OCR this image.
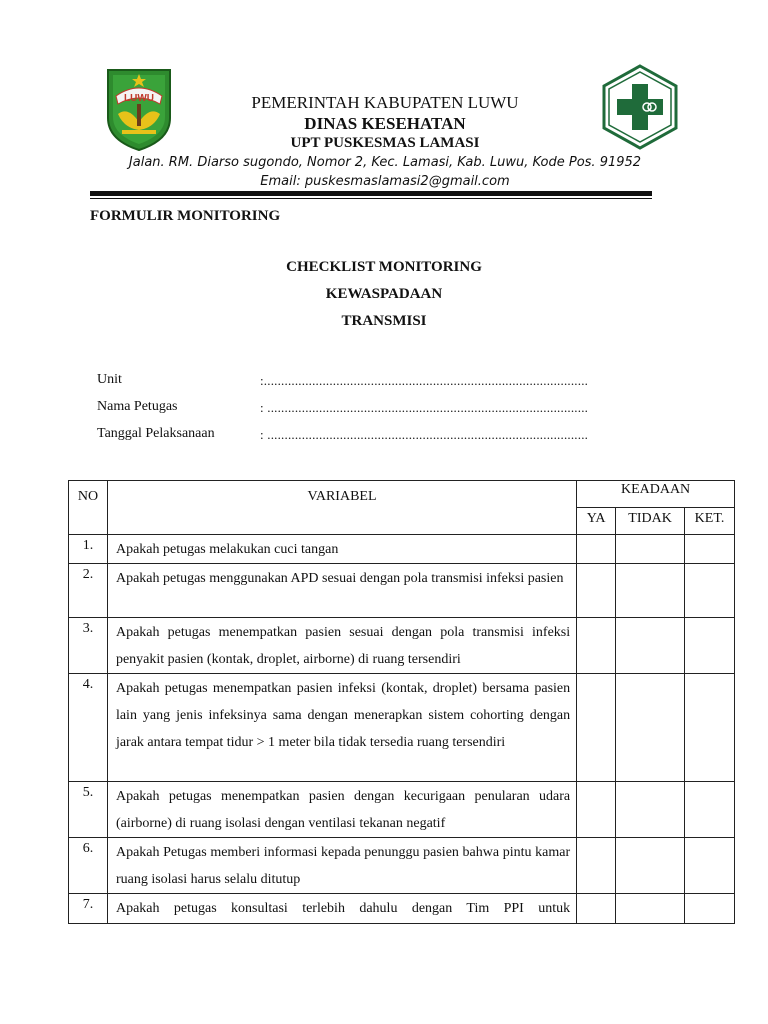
LUWU	PEMERINTAH KABUPATEN LUWU
DINAS KESEHATAN
UPT PUSKESMAS LAMASI
Jalan. RM. Diarso sugondo, Nomor 2, Kec. Lamasi, Kab. Luwu, Kode Pos. 91952
Email: puskesmaslamasi2@gmail.com
FORMULIR MONITORING
CHECKLIST MONITORING
KEWASPADAAN
TRANSMISI
Unit	:..............................................................................................
Nama Petugas	: .............................................................................................
Tanggal Pelaksanaan	: .............................................................................................
NO	VARIABEL	KEADAAN		
		YA	TIDAK	KET.

1.	Apakah petugas melakukan cuci tangan			

2.	Apakah petugas menggunakan APD sesuai dengan pola transmisi infeksi pasien			

3.	Apakah petugas menempatkan pasien sesuai dengan pola transmisi infeksi penyakit pasien (kontak, droplet, airborne) di ruang tersendiri			

4.	Apakah petugas menempatkan pasien infeksi (kontak, droplet) bersama pasien lain yang jenis infeksinya sama dengan menerapkan sistem cohorting dengan jarak antara tempat tidur > 1 meter bila tidak tersedia ruang tersendiri			

5.	Apakah petugas menempatkan pasien dengan kecurigaan penularan udara (airborne) di ruang isolasi dengan ventilasi tekanan negatif			

6.	Apakah Petugas memberi informasi kepada penunggu pasien bahwa pintu kamar ruang isolasi harus selalu ditutup			

7.	Apakah petugas konsultasi terlebih dahulu dengan Tim PPI untuk			
